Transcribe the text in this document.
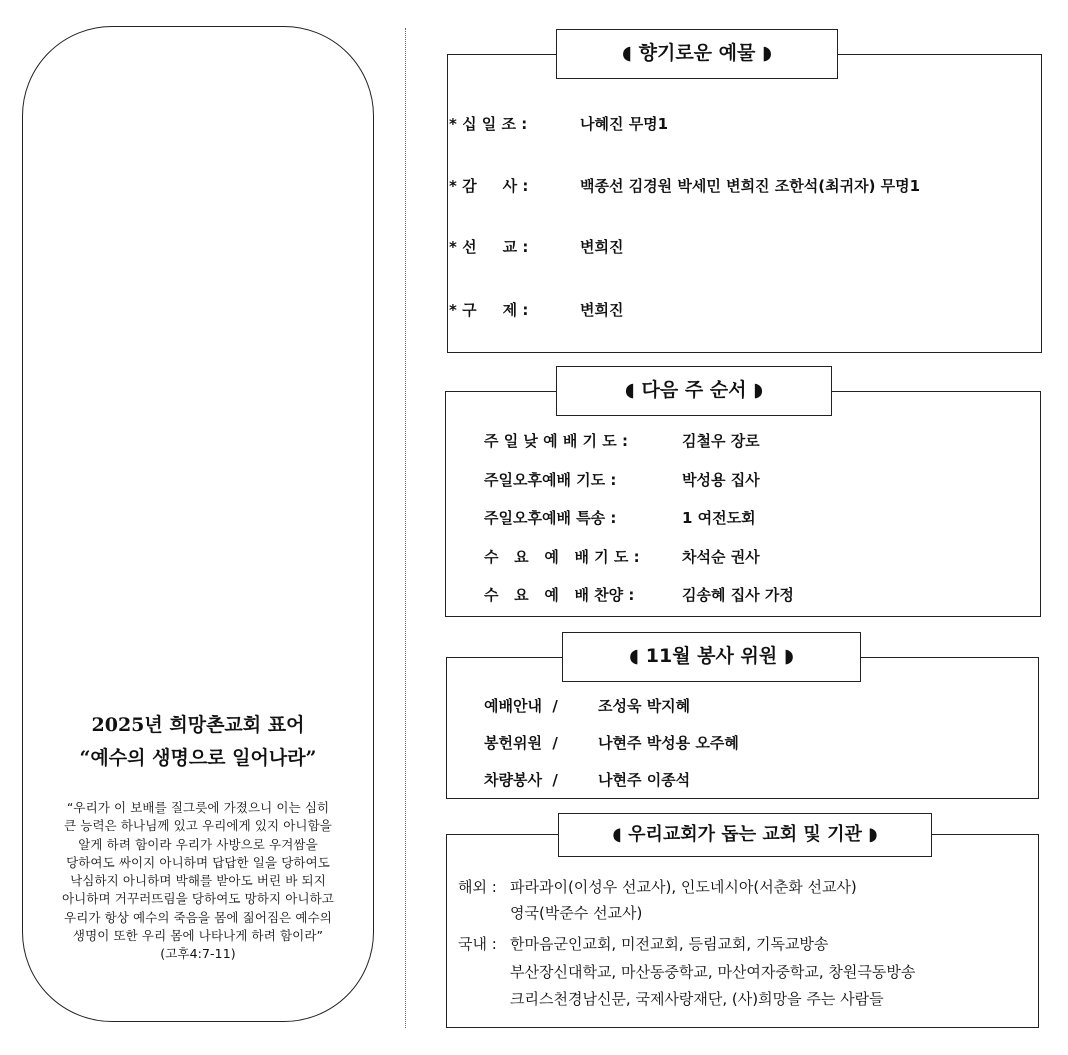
2025년 희망촌교회 표어
“예수의 생명으로 일어나라”
“우리가 이 보배를 질그릇에 가졌으니 이는 심히
큰 능력은 하나님께 있고 우리에게 있지 아니함을
알게 하려 함이라 우리가 사방으로 우겨쌈을
당하여도 싸이지 아니하며 답답한 일을 당하여도
낙심하지 아니하며 박해를 받아도 버린 바 되지
아니하며 거꾸러뜨림을 당하여도 망하지 아니하고
우리가 항상 예수의 죽음을 몸에 짊어짐은 예수의
생명이 또한 우리 몸에 나타나게 하려 함이라”
(고후4:7-11)
◖ 향기로운 예물 ◗
* 십 일 조 :	나혜진 무명1
* 감     사 :	백종선 김경원 박세민 변희진 조한석(최귀자) 무명1
* 선     교 :	변희진
* 구     제 :	변희진
◖ 다음 주 순서 ◗
주 일 낮 예 배 기 도 :	김철우 장로
주일오후예배 기도 :	박성용 집사
주일오후예배 특송 :	1 여전도회
수   요   예   배 기 도 :	차석순 권사
수   요   예   배 찬양 :	김송혜 집사 가정
◖ 11월 봉사 위원 ◗
예배안내  /	조성욱 박지혜
봉헌위원  /	나현주 박성용 오주혜
차량봉사  /	나현주 이종석
◖ 우리교회가 돕는 교회 및 기관 ◗
해외 : 파라과이(이성우 선교사), 인도네시아(서춘화 선교사)
영국(박준수 선교사)
국내 : 한마음군인교회, 미전교회, 등림교회, 기독교방송
부산장신대학교, 마산동중학교, 마산여자중학교, 창원극동방송
크리스천경남신문, 국제사랑재단, (사)희망을 주는 사람들
